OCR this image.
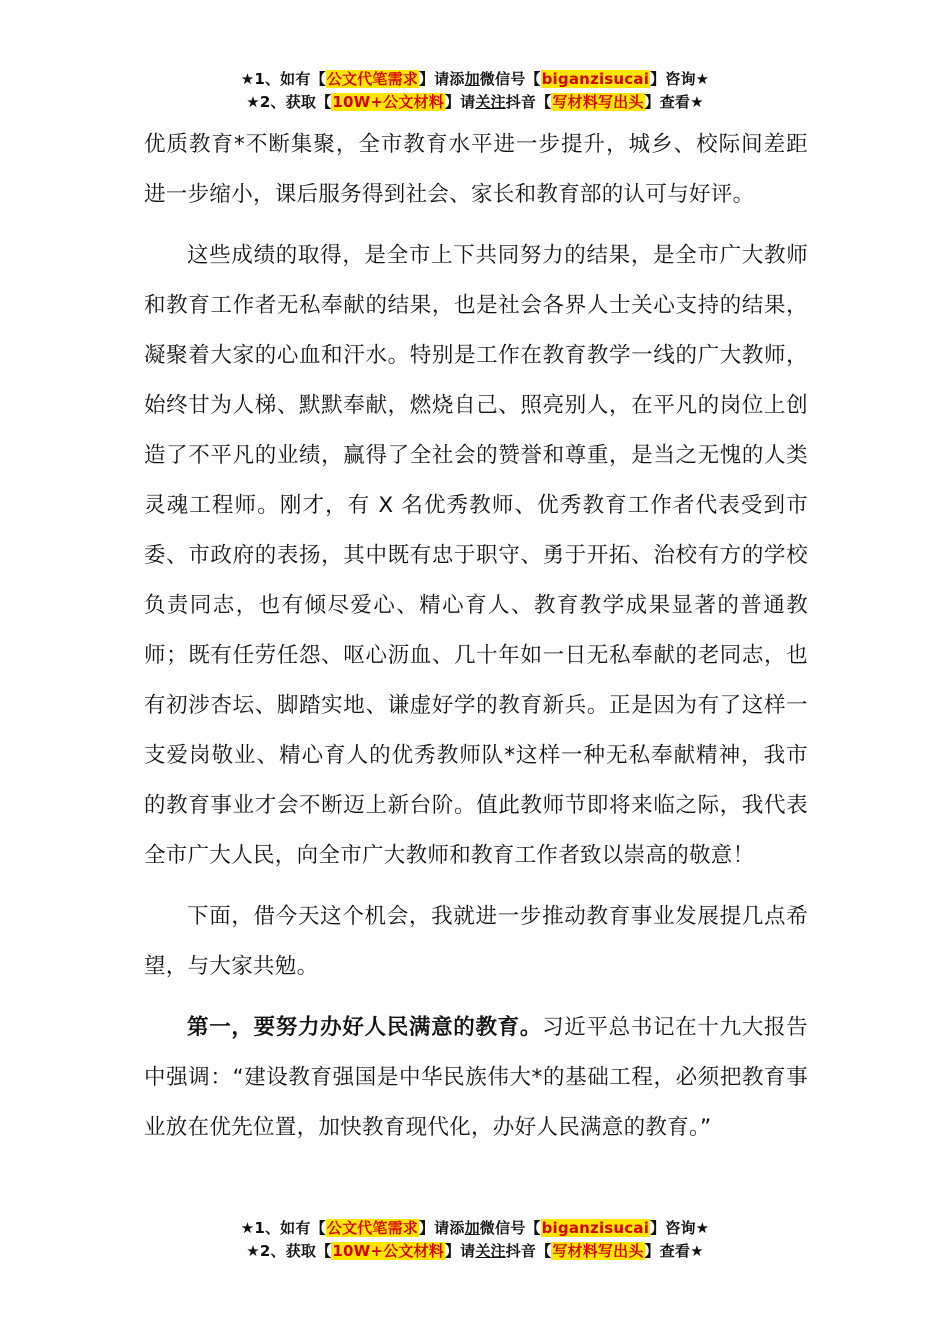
★1、如有【公文代笔需求】请添加微信号【biganzisucai】咨询★
★2、获取【10W+公文材料】请关注抖音【写材料写出头】查看★

优质教育*不断集聚，全市教育水平进一步提升，城乡、校际间差距进一步缩小，课后服务得到社会、家长和教育部的认可与好评。

这些成绩的取得，是全市上下共同努力的结果，是全市广大教师和教育工作者无私奉献的结果，也是社会各界人士关心支持的结果，凝聚着大家的心血和汗水。特别是工作在教育教学一线的广大教师，始终甘为人梯、默默奉献，燃烧自己、照亮别人，在平凡的岗位上创造了不平凡的业绩，赢得了全社会的赞誉和尊重，是当之无愧的人类灵魂工程师。刚才，有 X 名优秀教师、优秀教育工作者代表受到市委、市政府的表扬，其中既有忠于职守、勇于开拓、治校有方的学校负责同志，也有倾尽爱心、精心育人、教育教学成果显著的普通教师；既有任劳任怨、呕心沥血、几十年如一日无私奉献的老同志，也有初涉杏坛、脚踏实地、谦虚好学的教育新兵。正是因为有了这样一支爱岗敬业、精心育人的优秀教师队*这样一种无私奉献精神，我市的教育事业才会不断迈上新台阶。值此教师节即将来临之际，我代表全市广大人民，向全市广大教师和教育工作者致以崇高的敬意！

下面，借今天这个机会，我就进一步推动教育事业发展提几点希望，与大家共勉。

第一，要努力办好人民满意的教育。习近平总书记在十九大报告中强调：“建设教育强国是中华民族伟大*的基础工程，必须把教育事业放在优先位置，加快教育现代化，办好人民满意的教育。”

★1、如有【公文代笔需求】请添加微信号【biganzisucai】咨询★
★2、获取【10W+公文材料】请关注抖音【写材料写出头】查看★
